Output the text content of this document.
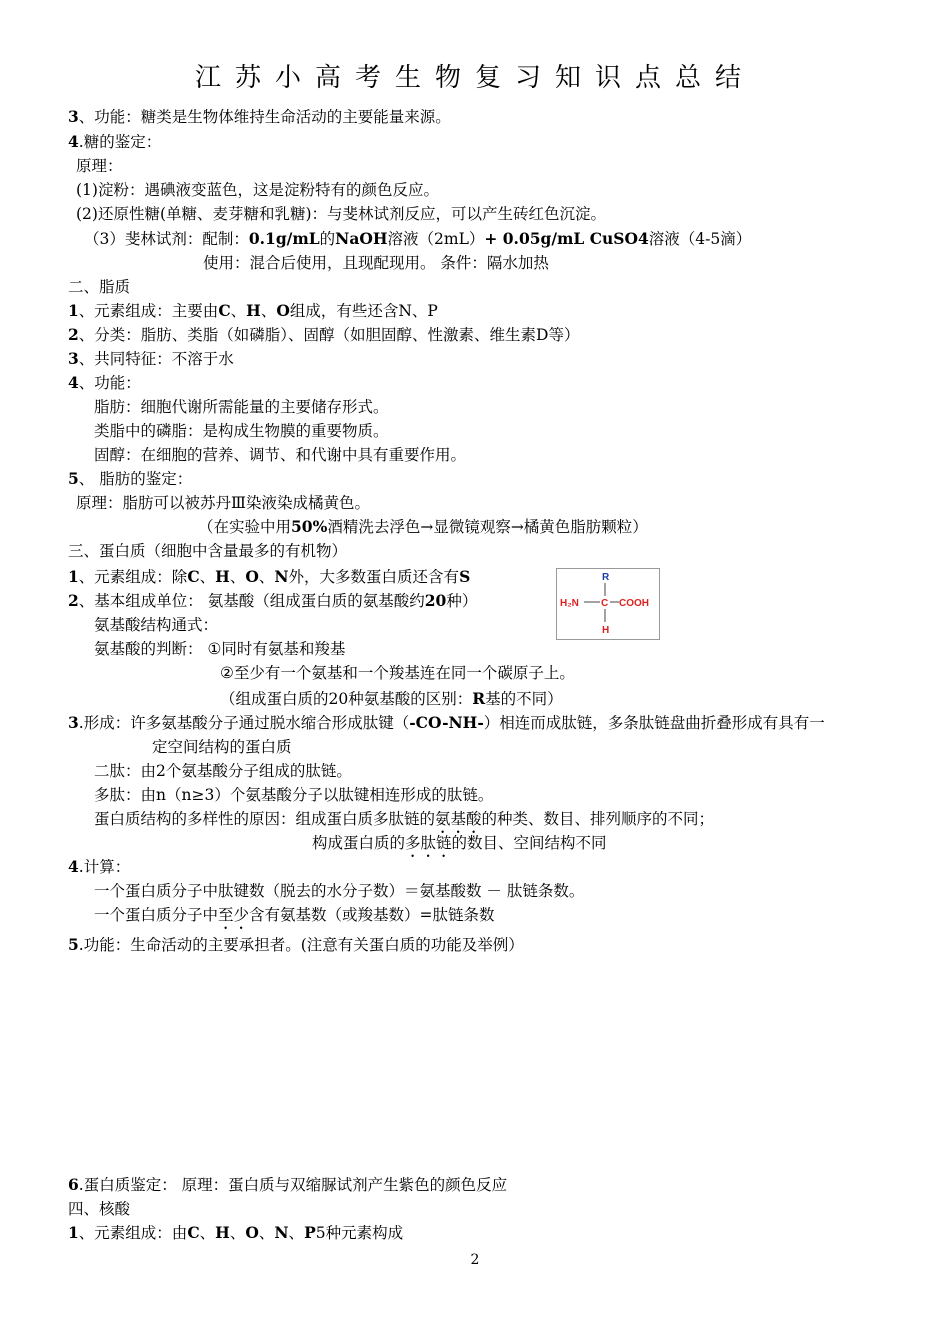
江苏小高考生物复习知识点总结
3、功能：糖类是生物体维持生命活动的主要能量来源。
4.糖的鉴定：
原理：
(1)淀粉：遇碘液变蓝色，这是淀粉特有的颜色反应。
(2)还原性糖(单糖、麦芽糖和乳糖)：与斐林试剂反应，可以产生砖红色沉淀。
（3）斐林试剂：配制：0.1g/mL的NaOH溶液（2mL）+ 0.05g/mL CuSO4溶液（4-5滴）
使用：混合后使用，且现配现用。 条件：隔水加热
二、脂质
1、元素组成：主要由C、H、O组成，有些还含N、P
2、分类：脂肪、类脂（如磷脂）、固醇（如胆固醇、性激素、维生素D等）
3、共同特征：不溶于水
4、功能：
脂肪：细胞代谢所需能量的主要储存形式。
类脂中的磷脂：是构成生物膜的重要物质。
固醇：在细胞的营养、调节、和代谢中具有重要作用。
5、 脂肪的鉴定：
原理：脂肪可以被苏丹Ⅲ染液染成橘黄色。
（在实验中用50%酒精洗去浮色→显微镜观察→橘黄色脂肪颗粒）
三、蛋白质（细胞中含量最多的有机物）
1、元素组成：除C、H、O、N外，大多数蛋白质还含有S
2、基本组成单位： 氨基酸（组成蛋白质的氨基酸约20种）
氨基酸结构通式：
R
H₂N C COOH
H
氨基酸的判断： ①同时有氨基和羧基
②至少有一个氨基和一个羧基连在同一个碳原子上。
（组成蛋白质的20种氨基酸的区别：R基的不同）
3.形成：许多氨基酸分子通过脱水缩合形成肽键（-CO-NH-）相连而成肽链，多条肽链盘曲折叠形成有具有一
定空间结构的蛋白质
二肽：由2个氨基酸分子组成的肽链。
多肽：由n（n≥3）个氨基酸分子以肽键相连形成的肽链。
蛋白质结构的多样性的原因：组成蛋白质多肽链的氨基酸的种类、数目、排列顺序的不同；
构成蛋白质的多肽链的数目、空间结构不同
4.计算：
一个蛋白质分子中肽键数（脱去的水分子数）＝氨基酸数 － 肽链条数。
一个蛋白质分子中至少含有氨基数（或羧基数）=肽链条数
5.功能：生命活动的主要承担者。(注意有关蛋白质的功能及举例）
6.蛋白质鉴定： 原理：蛋白质与双缩脲试剂产生紫色的颜色反应
四、核酸
1、元素组成：由C、H、O、N、P5种元素构成
2
